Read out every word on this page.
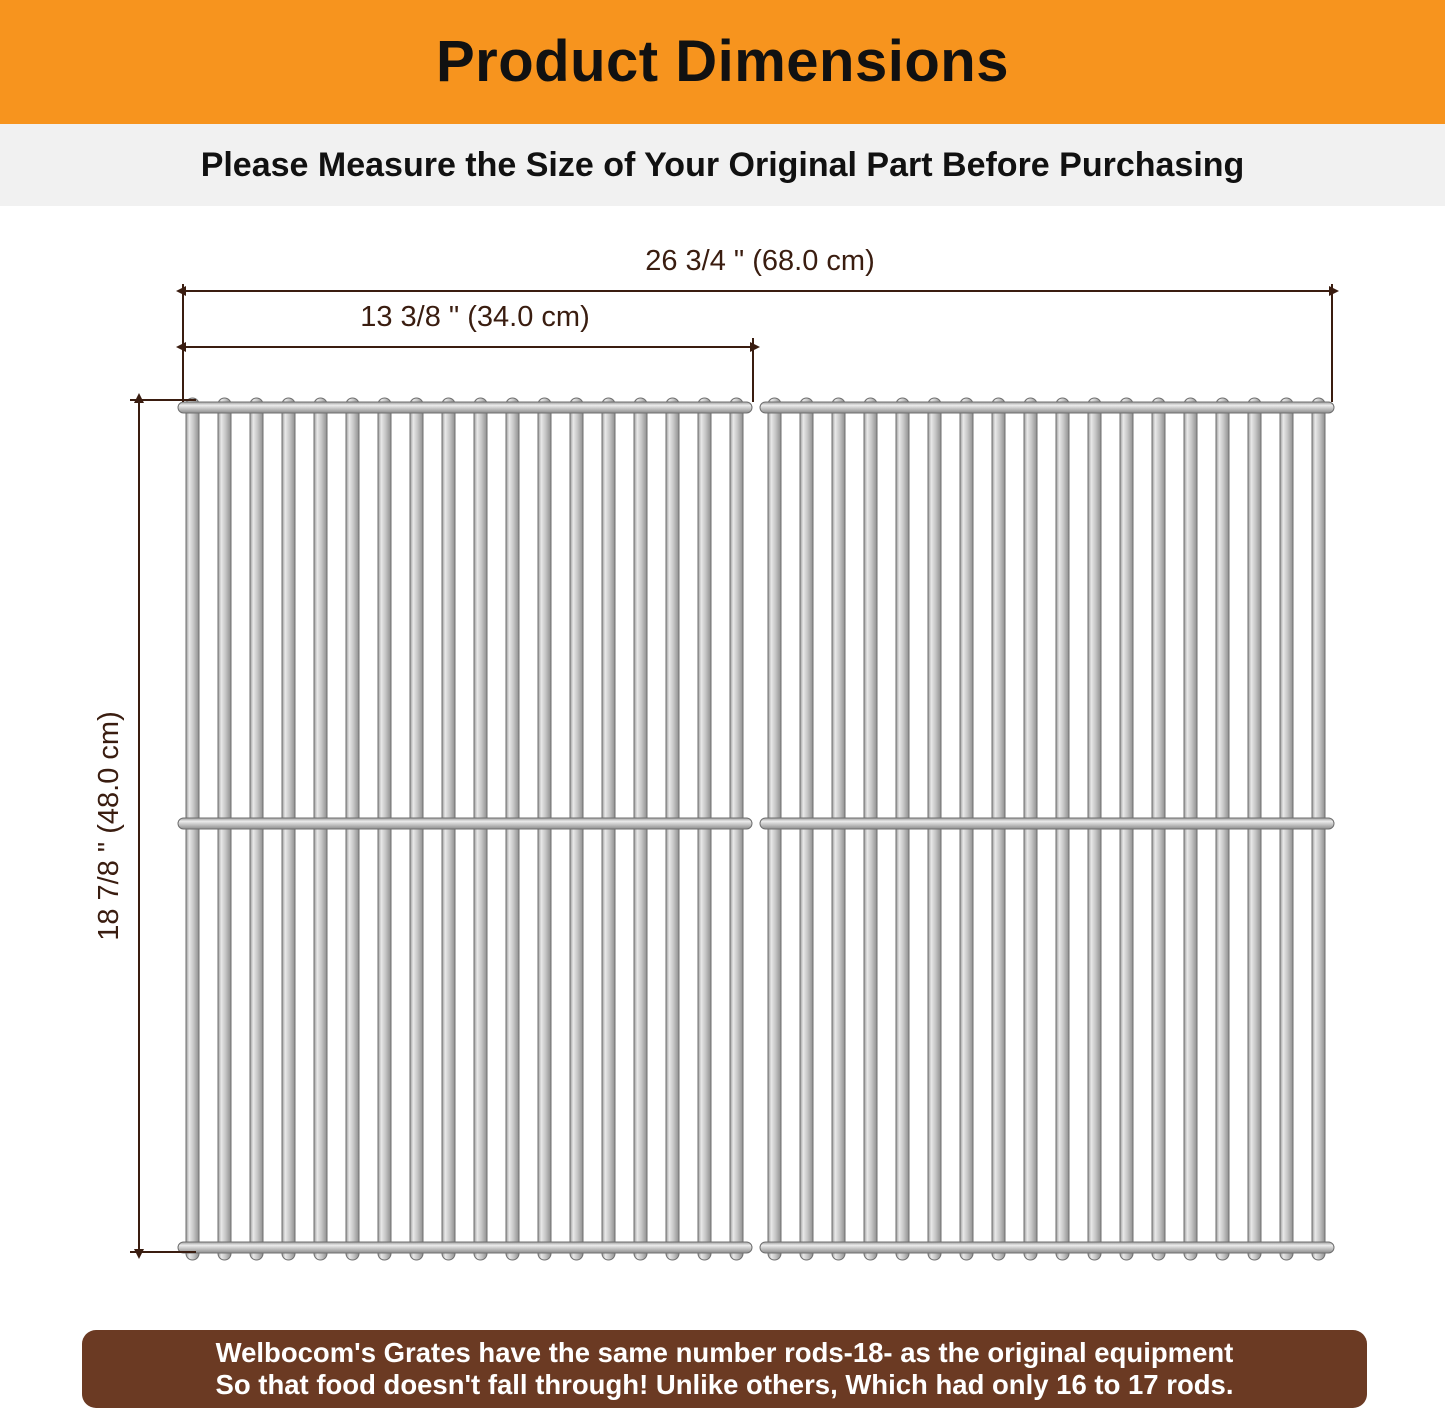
Product Dimensions
Please Measure the Size of Your Original Part Before Purchasing
26 3/4 " (68.0 cm)
13 3/8 " (34.0 cm)
18 7/8 " (48.0 cm)
Welbocom's Grates have the same number rods-18- as the original equipment
So that food doesn't fall through! Unlike others, Which had only 16 to 17 rods.
